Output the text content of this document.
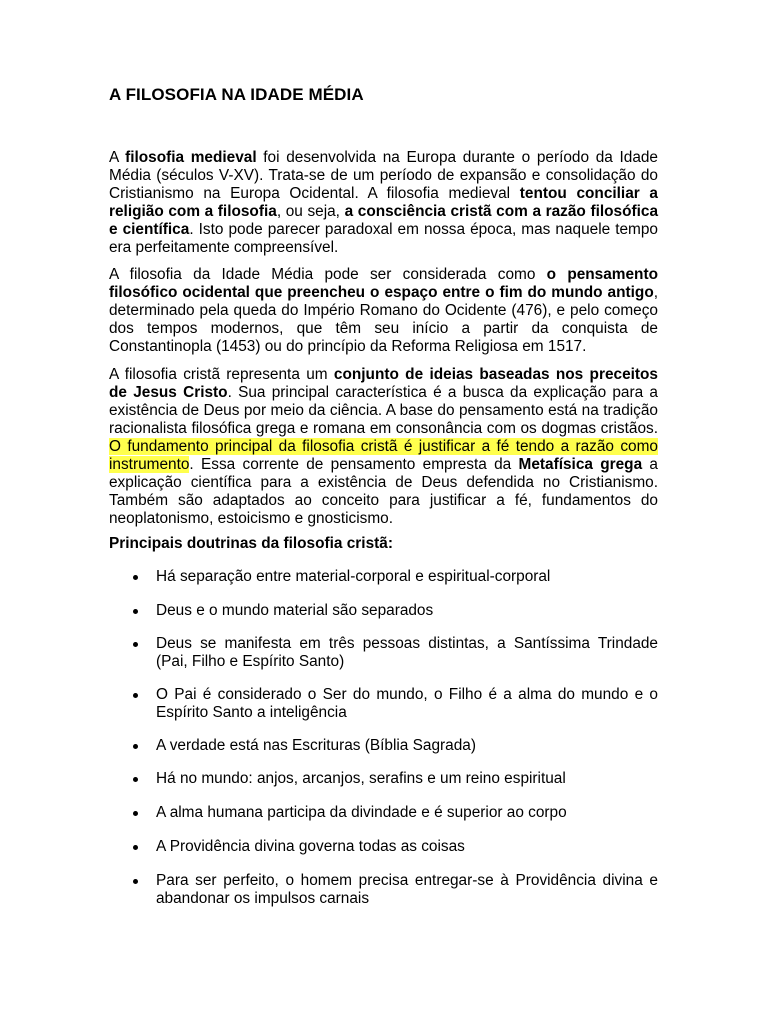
A FILOSOFIA NA IDADE MÉDIA

A filosofia medieval foi desenvolvida na Europa durante o período da Idade Média (séculos V-XV). Trata-se de um período de expansão e consolidação do Cristianismo na Europa Ocidental. A filosofia medieval tentou conciliar a religião com a filosofia, ou seja, a consciência cristã com a razão filosófica e científica. Isto pode parecer paradoxal em nossa época, mas naquele tempo era perfeitamente compreensível.

A filosofia da Idade Média pode ser considerada como o pensamento filosófico ocidental que preencheu o espaço entre o fim do mundo antigo, determinado pela queda do Império Romano do Ocidente (476), e pelo começo dos tempos modernos, que têm seu início a partir da conquista de Constantinopla (1453) ou do princípio da Reforma Religiosa em 1517.

A filosofia cristã representa um conjunto de ideias baseadas nos preceitos de Jesus Cristo. Sua principal característica é a busca da explicação para a existência de Deus por meio da ciência. A base do pensamento está na tradição racionalista filosófica grega e romana em consonância com os dogmas cristãos. O fundamento principal da filosofia cristã é justificar a fé tendo a razão como instrumento. Essa corrente de pensamento empresta da Metafísica grega a explicação científica para a existência de Deus defendida no Cristianismo. Também são adaptados ao conceito para justificar a fé, fundamentos do neoplatonismo, estoicismo e gnosticismo.

Principais doutrinas da filosofia cristã:

Há separação entre material-corporal e espiritual-corporal
Deus e o mundo material são separados
Deus se manifesta em três pessoas distintas, a Santíssima Trindade (Pai, Filho e Espírito Santo)
O Pai é considerado o Ser do mundo, o Filho é a alma do mundo e o Espírito Santo a inteligência
A verdade está nas Escrituras (Bíblia Sagrada)
Há no mundo: anjos, arcanjos, serafins e um reino espiritual
A alma humana participa da divindade e é superior ao corpo
A Providência divina governa todas as coisas
Para ser perfeito, o homem precisa entregar-se à Providência divina e abandonar os impulsos carnais
